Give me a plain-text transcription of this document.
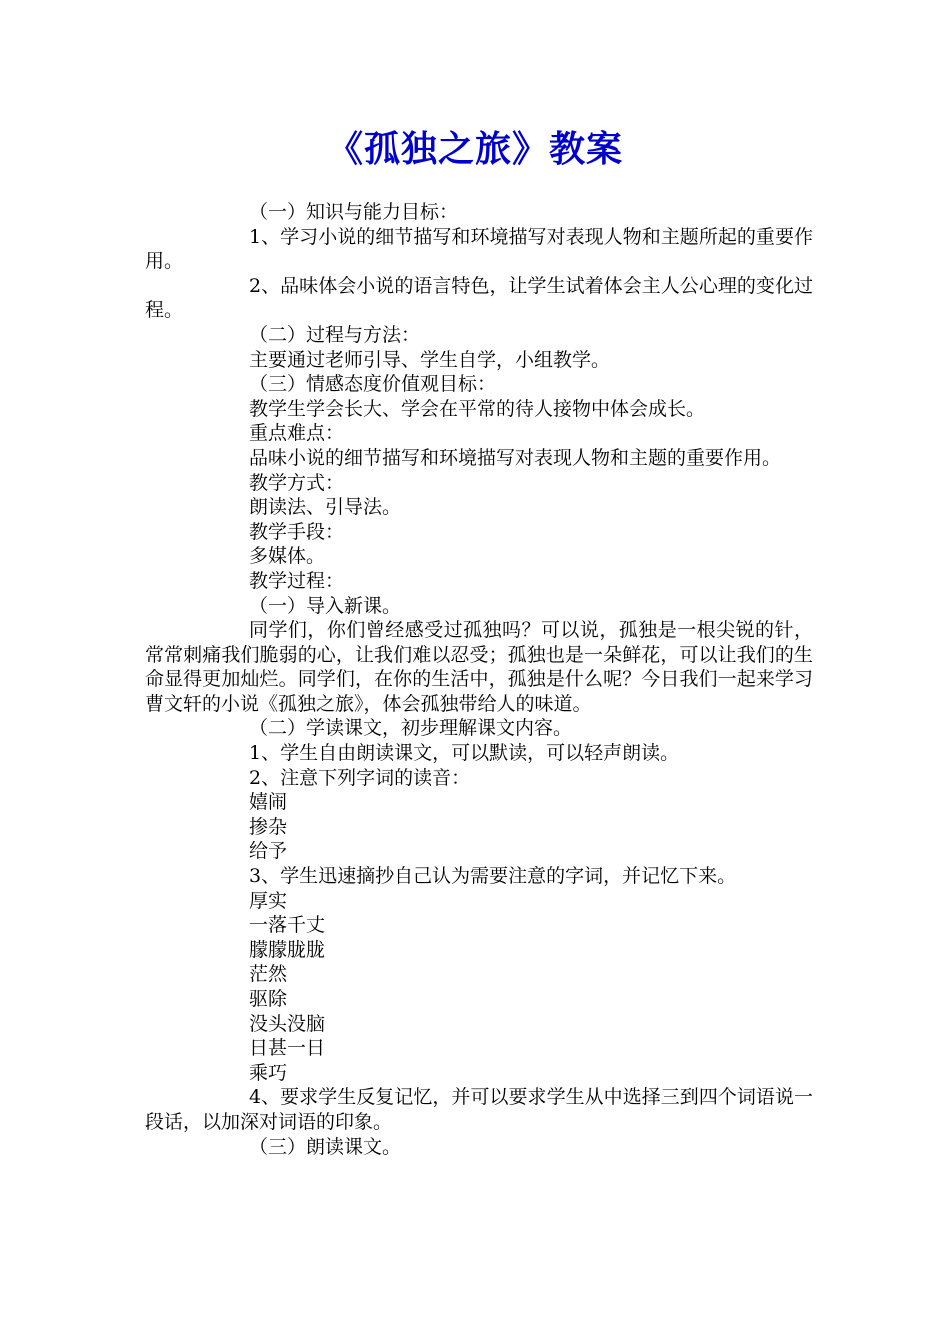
《孤独之旅》教案

（一）知识与能力目标：

1、学习小说的细节描写和环境描写对表现人物和主题所起的重要作用。

2、品味体会小说的语言特色，让学生试着体会主人公心理的变化过程。

（二）过程与方法：

主要通过老师引导、学生自学，小组教学。

（三）情感态度价值观目标：

教学生学会长大、学会在平常的待人接物中体会成长。

重点难点：

品味小说的细节描写和环境描写对表现人物和主题的重要作用。

教学方式：

朗读法、引导法。

教学手段：

多媒体。

教学过程：

（一）导入新课。

同学们，你们曾经感受过孤独吗？可以说，孤独是一根尖锐的针，常常刺痛我们脆弱的心，让我们难以忍受；孤独也是一朵鲜花，可以让我们的生命显得更加灿烂。同学们，在你的生活中，孤独是什么呢？今日我们一起来学习曹文轩的小说《孤独之旅》，体会孤独带给人的味道。

（二）学读课文，初步理解课文内容。

1、学生自由朗读课文，可以默读，可以轻声朗读。

2、注意下列字词的读音：

嬉闹

掺杂

给予

3、学生迅速摘抄自己认为需要注意的字词，并记忆下来。

厚实

一落千丈

朦朦胧胧

茫然

驱除

没头没脑

日甚一日

乘巧

4、要求学生反复记忆，并可以要求学生从中选择三到四个词语说一段话，以加深对词语的印象。

（三）朗读课文。
